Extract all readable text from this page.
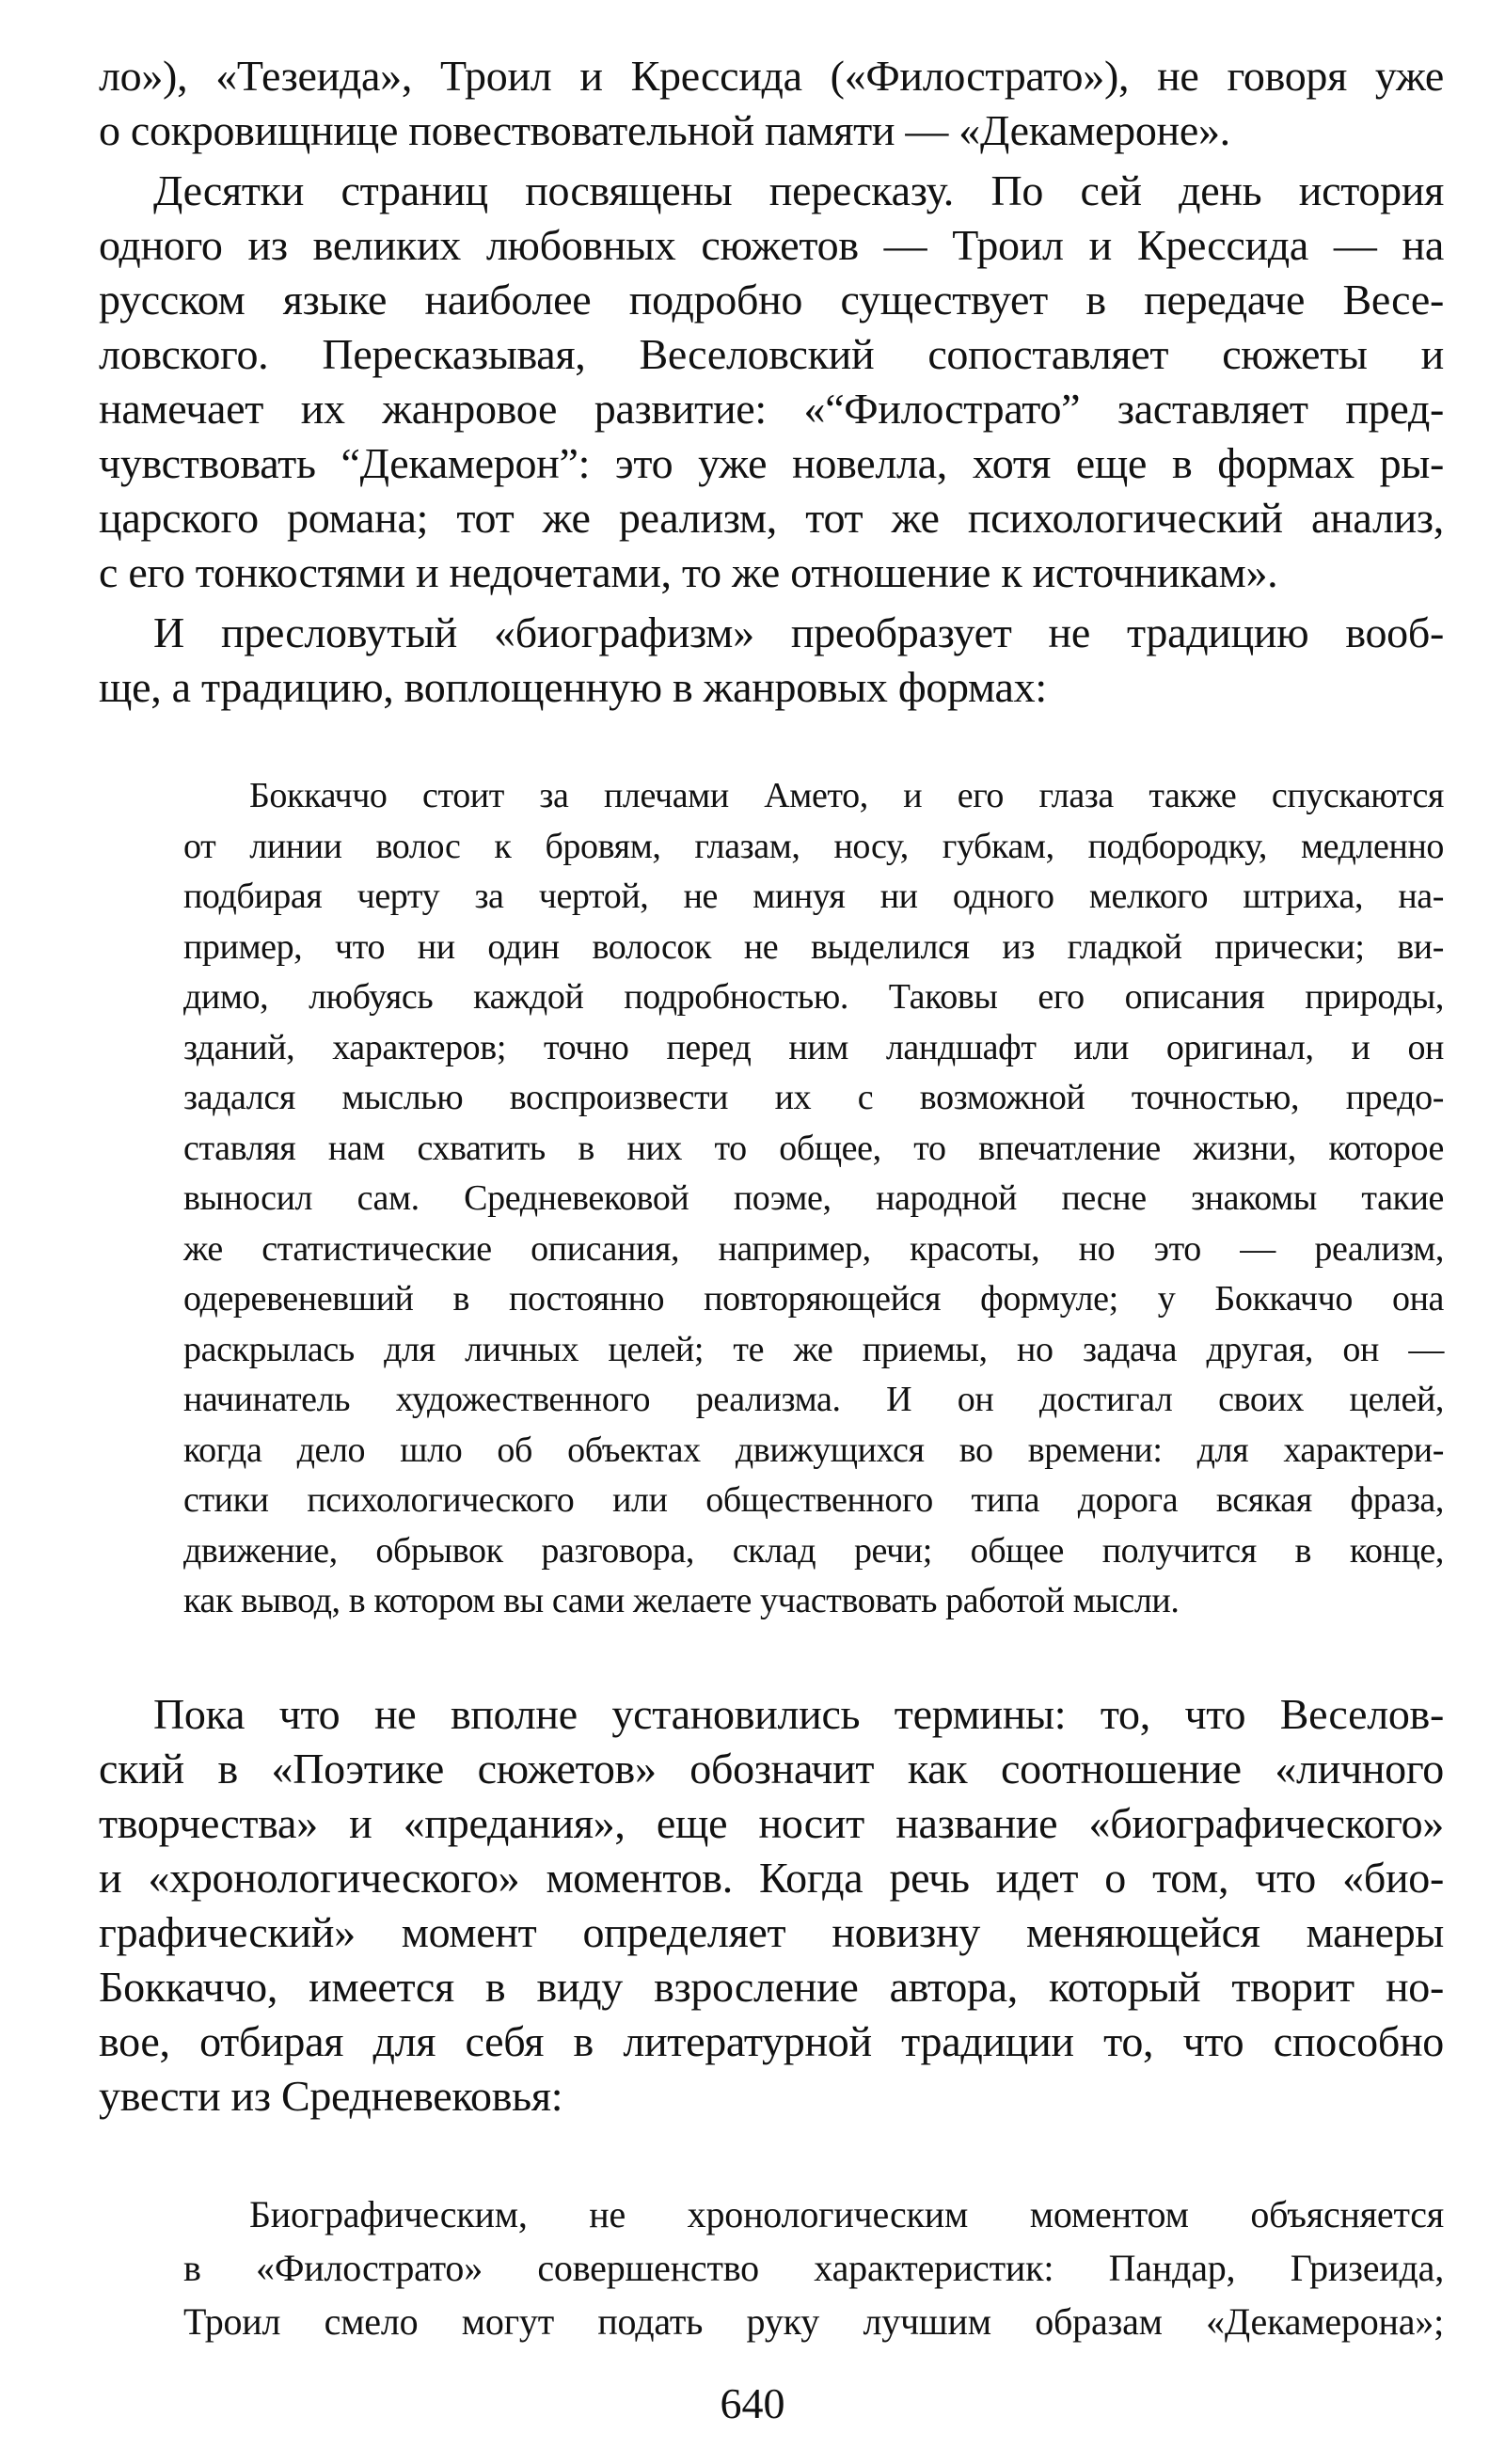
ло»), «Тезеида», Троил и Крессида («Филострато»), не говоря уже
о сокровищнице повествовательной памяти — «Декамероне».
Десятки страниц посвящены пересказу. По сей день история
одного из великих любовных сюжетов — Троил и Крессида — на
русском языке наиболее подробно существует в передаче Весе-
ловского. Пересказывая, Веселовский сопоставляет сюжеты и
намечает их жанровое развитие: «“Филострато” заставляет пред-
чувствовать “Декамерон”: это уже новелла, хотя еще в формах ры-
царского романа; тот же реализм, тот же психологический анализ,
с его тонкостями и недочетами, то же отношение к источникам».
И пресловутый «биографизм» преобразует не традицию вооб-
ще, а традицию, воплощенную в жанровых формах:
Боккаччо стоит за плечами Амето, и его глаза также спускаются
от линии волос к бровям, глазам, носу, губкам, подбородку, медленно
подбирая черту за чертой, не минуя ни одного мелкого штриха, на-
пример, что ни один волосок не выделился из гладкой прически; ви-
димо, любуясь каждой подробностью. Таковы его описания природы,
зданий, характеров; точно перед ним ландшафт или оригинал, и он
задался мыслью воспроизвести их с возможной точностью, предо-
ставляя нам схватить в них то общее, то впечатление жизни, которое
выносил сам. Средневековой поэме, народной песне знакомы такие
же статистические описания, например, красоты, но это — реализм,
одеревеневший в постоянно повторяющейся формуле; у Боккаччо она
раскрылась для личных целей; те же приемы, но задача другая, он —
начинатель художественного реализма. И он достигал своих целей,
когда дело шло об объектах движущихся во времени: для характери-
стики психологического или общественного типа дорога всякая фраза,
движение, обрывок разговора, склад речи; общее получится в конце,
как вывод, в котором вы сами желаете участвовать работой мысли.
Пока что не вполне установились термины: то, что Веселов-
ский в «Поэтике сюжетов» обозначит как соотношение «личного
творчества» и «предания», еще носит название «биографического»
и «хронологического» моментов. Когда речь идет о том, что «био-
графический» момент определяет новизну меняющейся манеры
Боккаччо, имеется в виду взросление автора, который творит но-
вое, отбирая для себя в литературной традиции то, что способно
увести из Средневековья:
Биографическим, не хронологическим моментом объясняется
в «Филострато» совершенство характеристик: Пандар, Гризеида,
Троил смело могут подать руку лучшим образам «Декамерона»;
640
